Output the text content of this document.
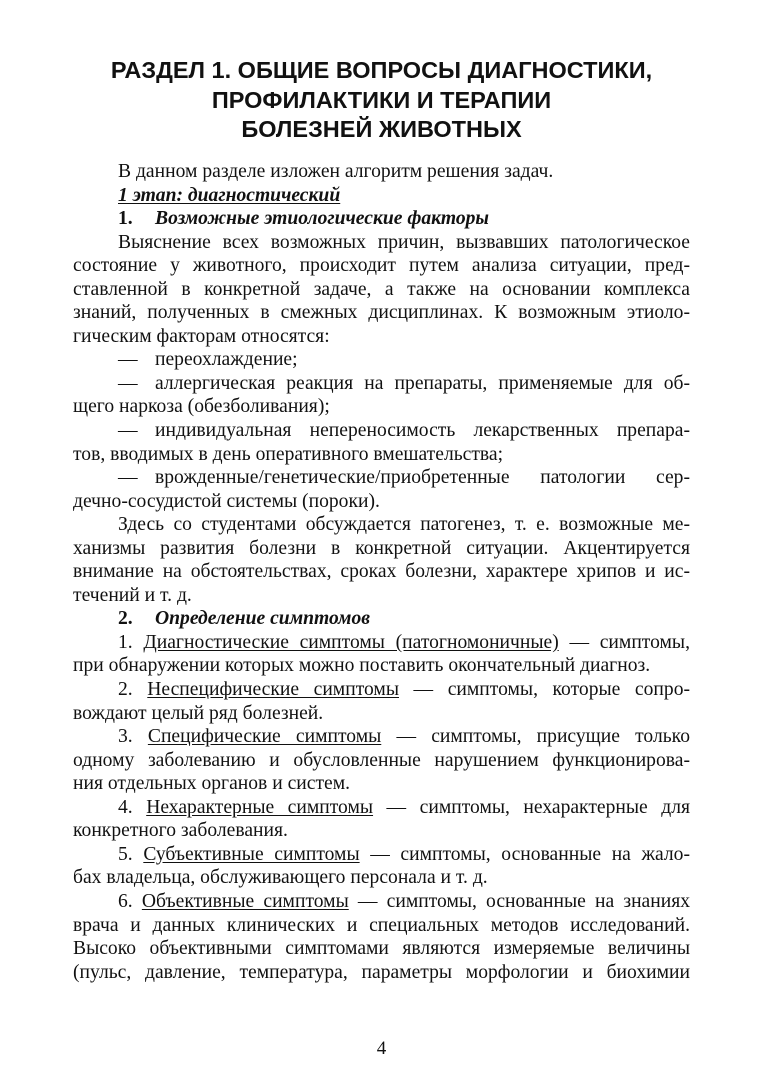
РАЗДЕЛ 1. ОБЩИЕ ВОПРОСЫ ДИАГНОСТИКИ,
ПРОФИЛАКТИКИ И ТЕРАПИИ
БОЛЕЗНЕЙ ЖИВОТНЫХ
В данном разделе изложен алгоритм решения задач.
1 этап: диагностический
1. Возможные этиологические факторы
Выяснение всех возможных причин, вызвавших патологическое
состояние у животного, происходит путем анализа ситуации, пред-
ставленной в конкретной задаче, а также на основании комплекса
знаний, полученных в смежных дисциплинах. К возможным этиоло-
гическим факторам относятся:
— переохлаждение;
— аллергическая реакция на препараты, применяемые для об-
щего наркоза (обезболивания);
— индивидуальная непереносимость лекарственных препара-
тов, вводимых в день оперативного вмешательства;
— врожденные/генетические/приобретенные патологии сер-
дечно-сосудистой системы (пороки).
Здесь со студентами обсуждается патогенез, т. е. возможные ме-
ханизмы развития болезни в конкретной ситуации. Акцентируется
внимание на обстоятельствах, сроках болезни, характере хрипов и ис-
течений и т. д.
2. Определение симптомов
1. Диагностические симптомы (патогномоничные) — симптомы,
при обнаружении которых можно поставить окончательный диагноз.
2. Неспецифические симптомы — симптомы, которые сопро-
вождают целый ряд болезней.
3. Специфические симптомы — симптомы, присущие только
одному заболеванию и обусловленные нарушением функционирова-
ния отдельных органов и систем.
4. Нехарактерные симптомы — симптомы, нехарактерные для
конкретного заболевания.
5. Субъективные симптомы — симптомы, основанные на жало-
бах владельца, обслуживающего персонала и т. д.
6. Объективные симптомы — симптомы, основанные на знаниях
врача и данных клинических и специальных методов исследований.
Высоко объективными симптомами являются измеряемые величины
(пульс, давление, температура, параметры морфологии и биохимии
4
